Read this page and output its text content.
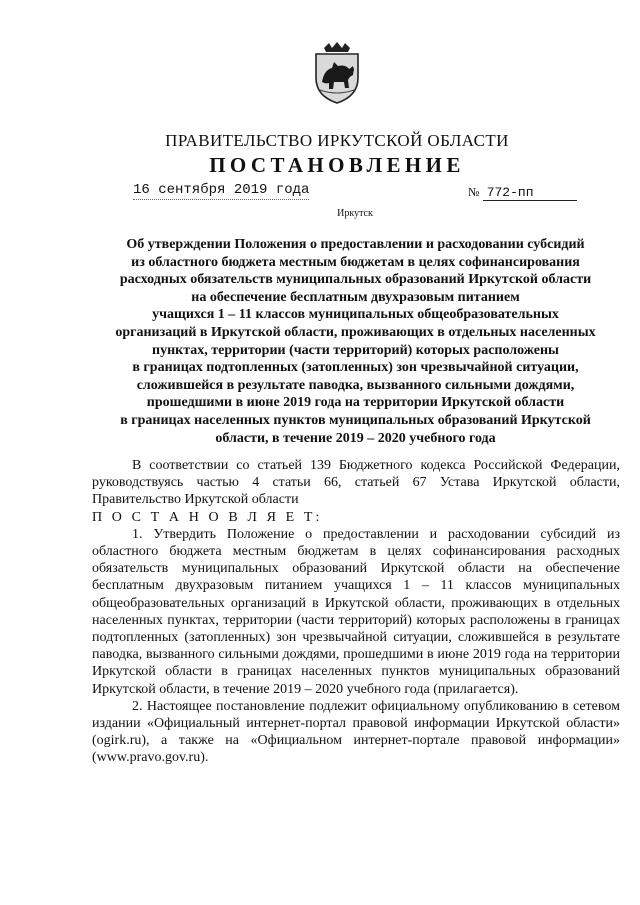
ПРАВИТЕЛЬСТВО ИРКУТСКОЙ ОБЛАСТИ
ПОСТАНОВЛЕНИЕ
16 сентября 2019 года	№ 772-пп
Иркутск
Об утверждении Положения о предоставлении и расходовании субсидий
из областного бюджета местным бюджетам в целях софинансирования
расходных обязательств муниципальных образований Иркутской области
на обеспечение бесплатным двухразовым питанием
учащихся 1 – 11 классов муниципальных общеобразовательных
организаций в Иркутской области, проживающих в отдельных населенных
пунктах, территории (части территорий) которых расположены
в границах подтопленных (затопленных) зон чрезвычайной ситуации,
сложившейся в результате паводка, вызванного сильными дождями,
прошедшими в июне 2019 года на территории Иркутской области
в границах населенных пунктов муниципальных образований Иркутской
области, в течение 2019 – 2020 учебного года

В соответствии со статьей 139 Бюджетного кодекса Российской Федерации, руководствуясь частью 4 статьи 66, статьей 67 Устава Иркутской области, Правительство Иркутской области

П О С Т А Н О В Л Я Е Т:

1. Утвердить Положение о предоставлении и расходовании субсидий из областного бюджета местным бюджетам в целях софинансирования расходных обязательств муниципальных образований Иркутской области на обеспечение бесплатным двухразовым питанием учащихся 1 – 11 классов муниципальных общеобразовательных организаций в Иркутской области, проживающих в отдельных населенных пунктах, территории (части территорий) которых расположены в границах подтопленных (затопленных) зон чрезвычайной ситуации, сложившейся в результате паводка, вызванного сильными дождями, прошедшими в июне 2019 года на территории Иркутской области в границах населенных пунктов муниципальных образований Иркутской области, в течение 2019 – 2020 учебного года (прилагается).

2. Настоящее постановление подлежит официальному опубликованию в сетевом издании «Официальный интернет-портал правовой информации Иркутской области» (ogirk.ru), а также на «Официальном интернет-портале правовой информации» (www.pravo.gov.ru).
